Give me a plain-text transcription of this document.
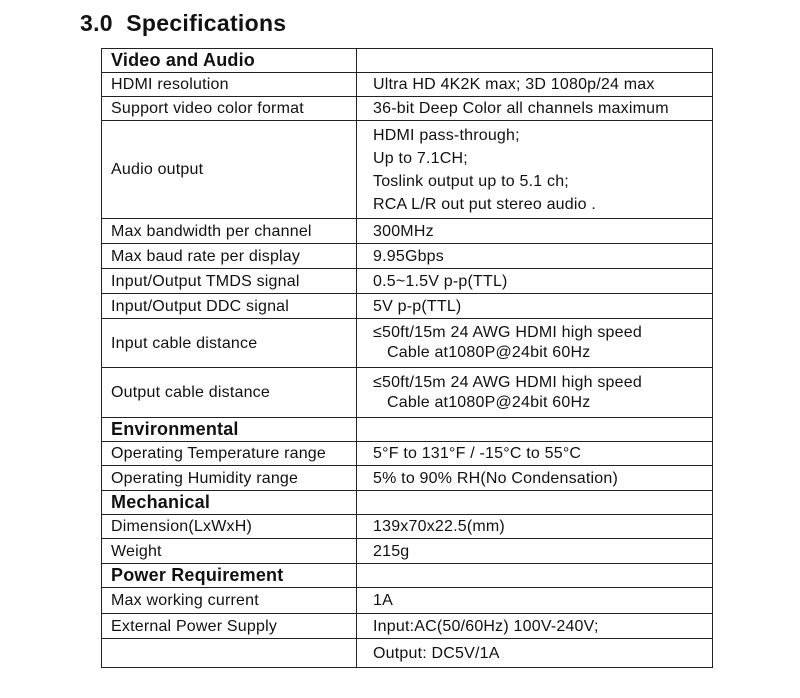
3.0  Specifications
Video and Audio	
HDMI resolution	Ultra HD 4K2K max; 3D 1080p/24 max
Support video color format	36-bit Deep Color all channels maximum
Audio output	HDMI pass-through;
Up to 7.1CH;
Toslink output up to 5.1 ch;
RCA L/R out put stereo audio .

Max bandwidth per channel	300MHz
Max baud rate per display	9.95Gbps
Input/Output TMDS signal	0.5~1.5V p-p(TTL)
Input/Output DDC signal	5V p-p(TTL)
Input cable distance	≤50ft/15m 24 AWG HDMI high speed
Cable at1080P@24bit 60Hz

Output cable distance	≤50ft/15m 24 AWG HDMI high speed
Cable at1080P@24bit 60Hz

Environmental	
Operating Temperature range	5°F to 131°F / -15°C to 55°C
Operating Humidity range	5% to 90% RH(No Condensation)
Mechanical	
Dimension(LxWxH)	139x70x22.5(mm)
Weight	215g
Power Requirement	
Max working current	1A
External Power Supply	Input:AC(50/60Hz) 100V-240V;
	Output: DC5V/1A
